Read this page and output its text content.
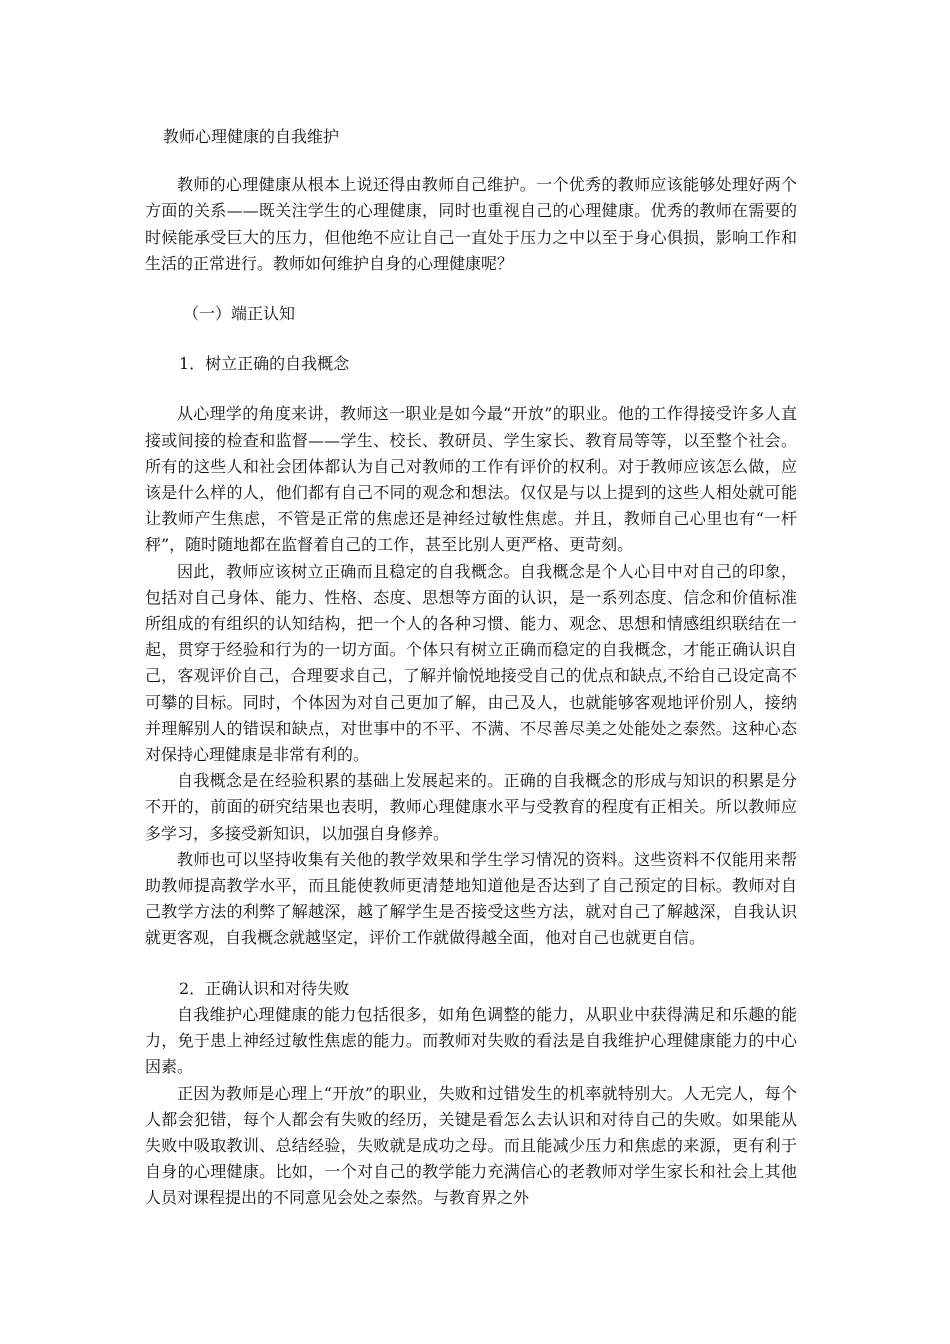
教师心理健康的自我维护

教师的心理健康从根本上说还得由教师自己维护。一个优秀的教师应该能够处理好两个方面的关系——既关注学生的心理健康，同时也重视自己的心理健康。优秀的教师在需要的时候能承受巨大的压力，但他绝不应让自己一直处于压力之中以至于身心俱损，影响工作和生活的正常进行。教师如何维护自身的心理健康呢？

（一）端正认知

1．树立正确的自我概念

从心理学的角度来讲，教师这一职业是如今最“开放”的职业。他的工作得接受许多人直接或间接的检查和监督——学生、校长、教研员、学生家长、教育局等等，以至整个社会。所有的这些人和社会团体都认为自己对教师的工作有评价的权利。对于教师应该怎么做，应该是什么样的人，他们都有自己不同的观念和想法。仅仅是与以上提到的这些人相处就可能让教师产生焦虑，不管是正常的焦虑还是神经过敏性焦虑。并且，教师自己心里也有“一杆秤”，随时随地都在监督着自己的工作，甚至比别人更严格、更苛刻。

因此，教师应该树立正确而且稳定的自我概念。自我概念是个人心目中对自己的印象，包括对自己身体、能力、性格、态度、思想等方面的认识，是一系列态度、信念和价值标准所组成的有组织的认知结构，把一个人的各种习惯、能力、观念、思想和情感组织联结在一起，贯穿于经验和行为的一切方面。个体只有树立正确而稳定的自我概念，才能正确认识自己，客观评价自己，合理要求自己，了解并愉悦地接受自己的优点和缺点,不给自己设定高不可攀的目标。同时，个体因为对自己更加了解，由己及人，也就能够客观地评价别人，接纳并理解别人的错误和缺点，对世事中的不平、不满、不尽善尽美之处能处之泰然。这种心态对保持心理健康是非常有利的。

自我概念是在经验积累的基础上发展起来的。正确的自我概念的形成与知识的积累是分不开的，前面的研究结果也表明，教师心理健康水平与受教育的程度有正相关。所以教师应多学习，多接受新知识，以加强自身修养。

教师也可以坚持收集有关他的教学效果和学生学习情况的资料。这些资料不仅能用来帮助教师提高教学水平，而且能使教师更清楚地知道他是否达到了自己预定的目标。教师对自己教学方法的利弊了解越深，越了解学生是否接受这些方法，就对自己了解越深，自我认识就更客观，自我概念就越坚定，评价工作就做得越全面，他对自己也就更自信。

2．正确认识和对待失败

自我维护心理健康的能力包括很多，如角色调整的能力，从职业中获得满足和乐趣的能力，免于患上神经过敏性焦虑的能力。而教师对失败的看法是自我维护心理健康能力的中心因素。

正因为教师是心理上“开放”的职业，失败和过错发生的机率就特别大。人无完人，每个人都会犯错，每个人都会有失败的经历，关键是看怎么去认识和对待自己的失败。如果能从失败中吸取教训、总结经验，失败就是成功之母。而且能减少压力和焦虑的来源，更有利于自身的心理健康。比如，一个对自己的教学能力充满信心的老教师对学生家长和社会上其他人员对课程提出的不同意见会处之泰然。与教育界之外
